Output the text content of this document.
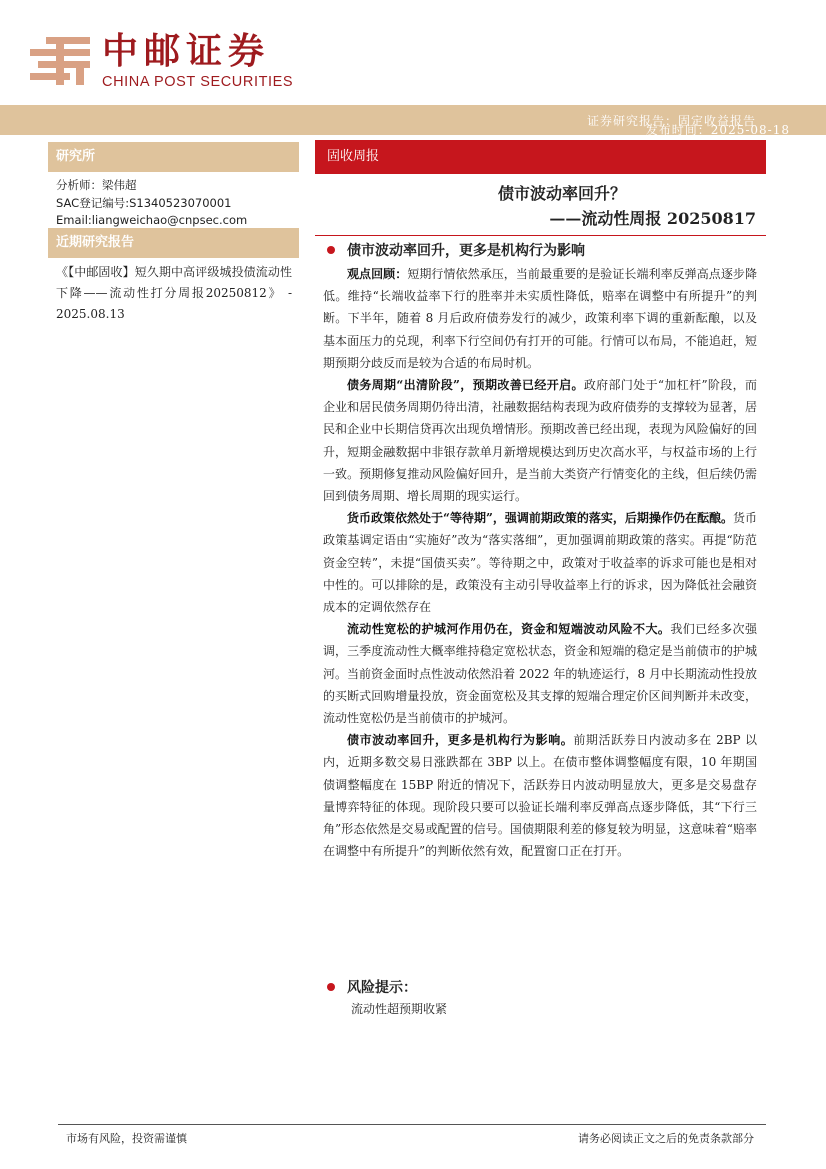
中邮证券
CHINA POST SECURITIES
证券研究报告：固定收益报告
发布时间：2025-08-18
研究所
分析师：梁伟超
SAC登记编号:S1340523070001
Email:liangweichao@cnpsec.com
近期研究报告
《【中邮固收】短久期中高评级城投债流动性下降——流动性打分周报20250812》 - 2025.08.13
固收周报
债市波动率回升？
——流动性周报 20250817
债市波动率回升，更多是机构行为影响

观点回顾：短期行情依然承压，当前最重要的是验证长端利率反弹高点逐步降低。维持“长端收益率下行的胜率并未实质性降低，赔率在调整中有所提升”的判断。下半年，随着 8 月后政府债券发行的减少，政策利率下调的重新酝酿，以及基本面压力的兑现，利率下行空间仍有打开的可能。行情可以布局，不能追赶，短期预期分歧反而是较为合适的布局时机。

债务周期“出清阶段”，预期改善已经开启。政府部门处于“加杠杆”阶段，而企业和居民债务周期仍待出清，社融数据结构表现为政府债券的支撑较为显著，居民和企业中长期信贷再次出现负增情形。预期改善已经出现，表现为风险偏好的回升，短期金融数据中非银存款单月新增规模达到历史次高水平，与权益市场的上行一致。预期修复推动风险偏好回升，是当前大类资产行情变化的主线，但后续仍需回到债务周期、增长周期的现实运行。

货币政策依然处于“等待期”，强调前期政策的落实，后期操作仍在酝酿。货币政策基调定语由“实施好”改为“落实落细”，更加强调前期政策的落实。再提“防范资金空转”，未提“国债买卖”。等待期之中，政策对于收益率的诉求可能也是相对中性的。可以排除的是，政策没有主动引导收益率上行的诉求，因为降低社会融资成本的定调依然存在

流动性宽松的护城河作用仍在，资金和短端波动风险不大。我们已经多次强调，三季度流动性大概率维持稳定宽松状态，资金和短端的稳定是当前债市的护城河。当前资金面时点性波动依然沿着 2022 年的轨迹运行，8 月中长期流动性投放的买断式回购增量投放，资金面宽松及其支撑的短端合理定价区间判断并未改变，流动性宽松仍是当前债市的护城河。

债市波动率回升，更多是机构行为影响。前期活跃券日内波动多在 2BP 以内，近期多数交易日涨跌都在 3BP 以上。在债市整体调整幅度有限，10 年期国债调整幅度在 15BP 附近的情况下，活跃券日内波动明显放大，更多是交易盘存量博弈特征的体现。现阶段只要可以验证长端利率反弹高点逐步降低，其“下行三角”形态依然是交易或配置的信号。国债期限利差的修复较为明显，这意味着“赔率在调整中有所提升”的判断依然有效，配置窗口正在打开。

风险提示：
流动性超预期收紧
市场有风险，投资需谨慎	请务必阅读正文之后的免责条款部分
